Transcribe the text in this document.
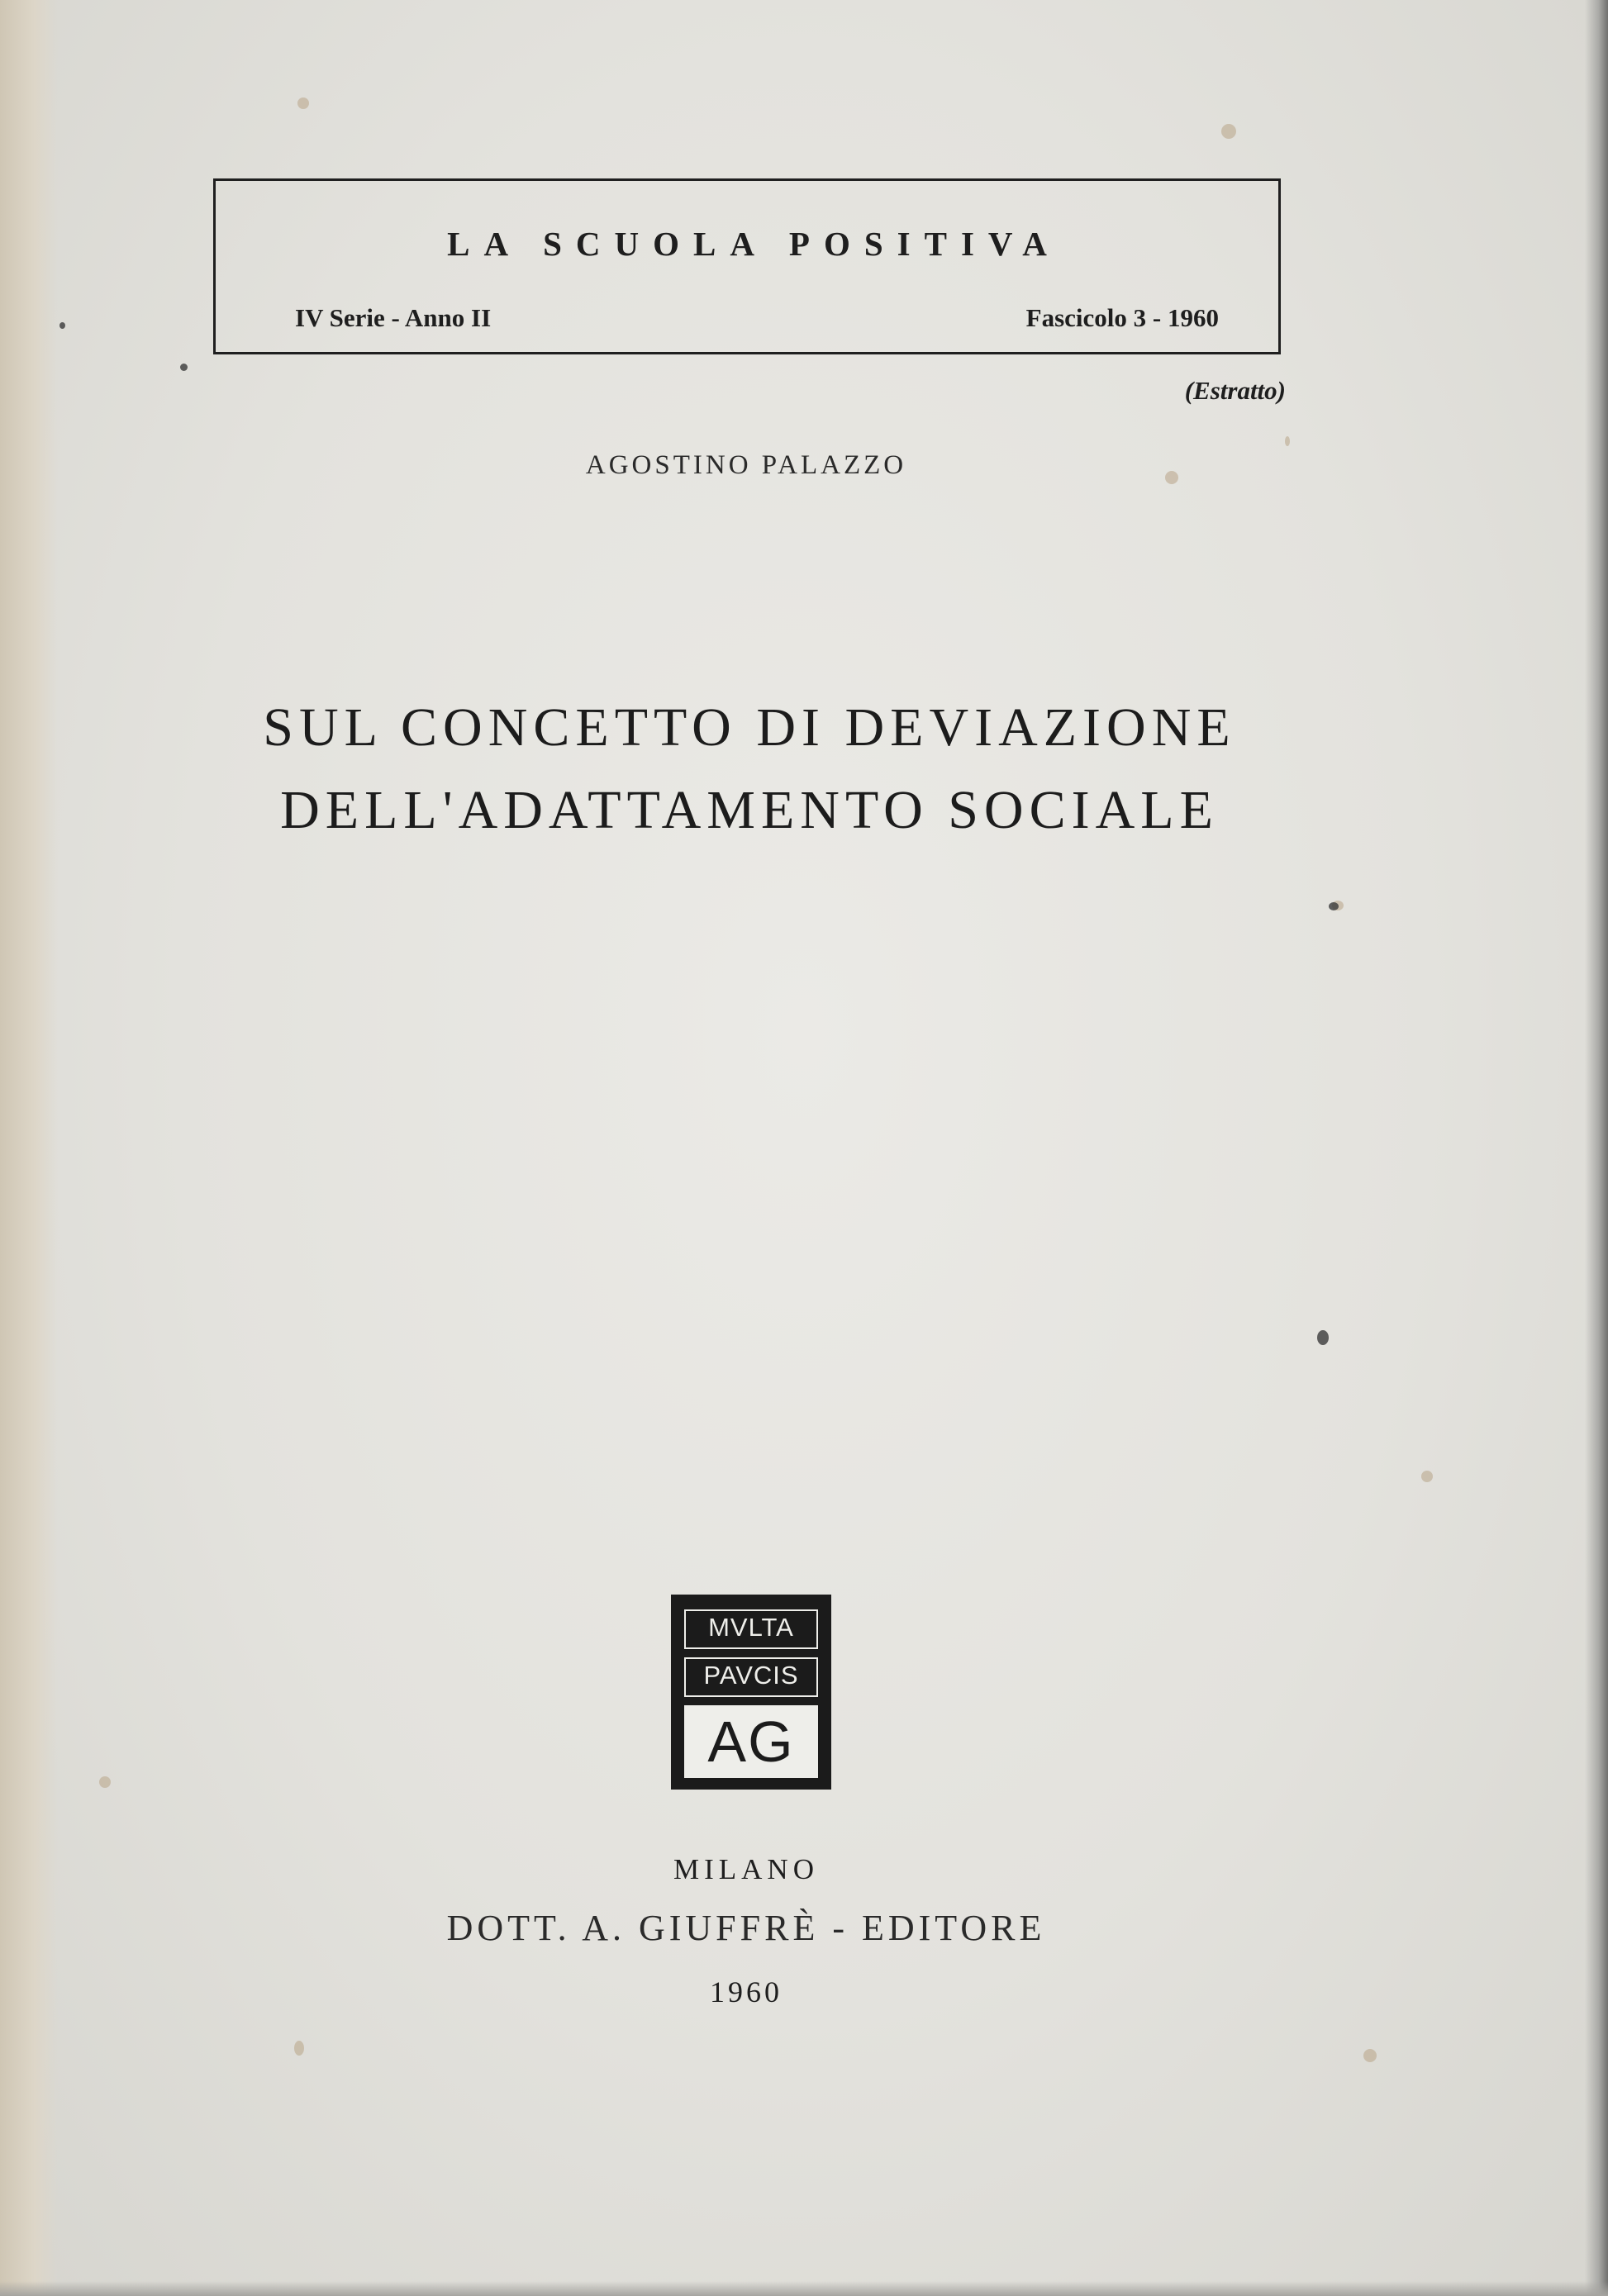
LA SCUOLA POSITIVA
IV Serie - Anno II	Fascicolo 3 - 1960
(Estratto)
AGOSTINO PALAZZO
SUL CONCETTO DI DEVIAZIONE
DELL'ADATTAMENTO SOCIALE
MVLTA
PAVCIS
AG
MILANO
DOTT. A. GIUFFRÈ - EDITORE
1960
